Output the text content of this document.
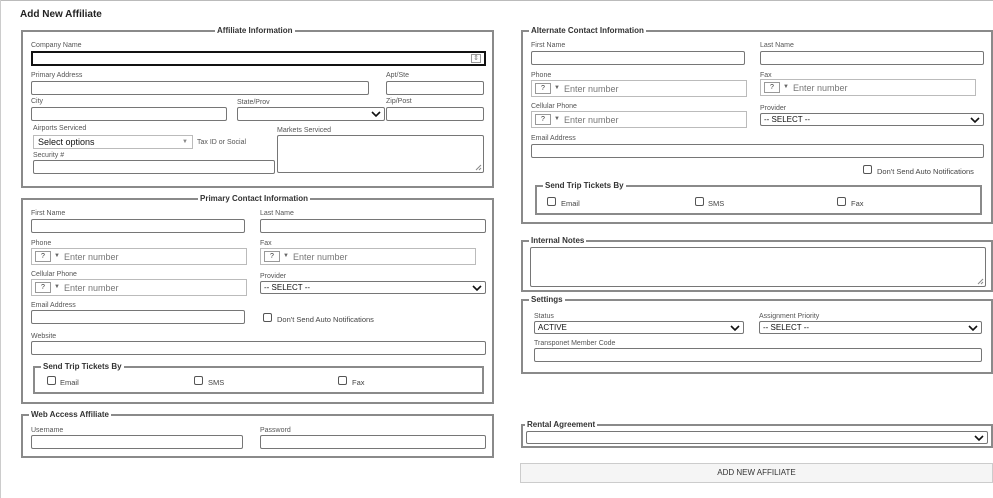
Add New Affiliate
Affiliate Information
Company Name
⇕
Primary Address	Apt/Ste
City	State/Prov	Zip/Post
Airports Serviced
Select options	▼ Tax ID or Social
Security #
Markets Serviced
Primary Contact Information
First Name	Last Name
Phone
?	▼ Enter number
Fax
?	▼ Enter number
Cellular Phone
?	▼ Enter number
Provider
-- SELECT --
Email Address
Don't Send Auto Notifications
Website
Send Trip Tickets By
Email	SMS	Fax
Web Access Affiliate
Username	Password
Alternate Contact Information
First Name	Last Name
Phone
?	▼ Enter number
Fax
?	▼ Enter number
Cellular Phone
?	▼ Enter number
Provider
-- SELECT --
Email Address
Don't Send Auto Notifications
Send Trip Tickets By
Email	SMS	Fax
Internal Notes
Settings
Status
ACTIVE
Assignment Priority
-- SELECT --
Transponet Member Code
Rental Agreement
ADD NEW AFFILIATE
